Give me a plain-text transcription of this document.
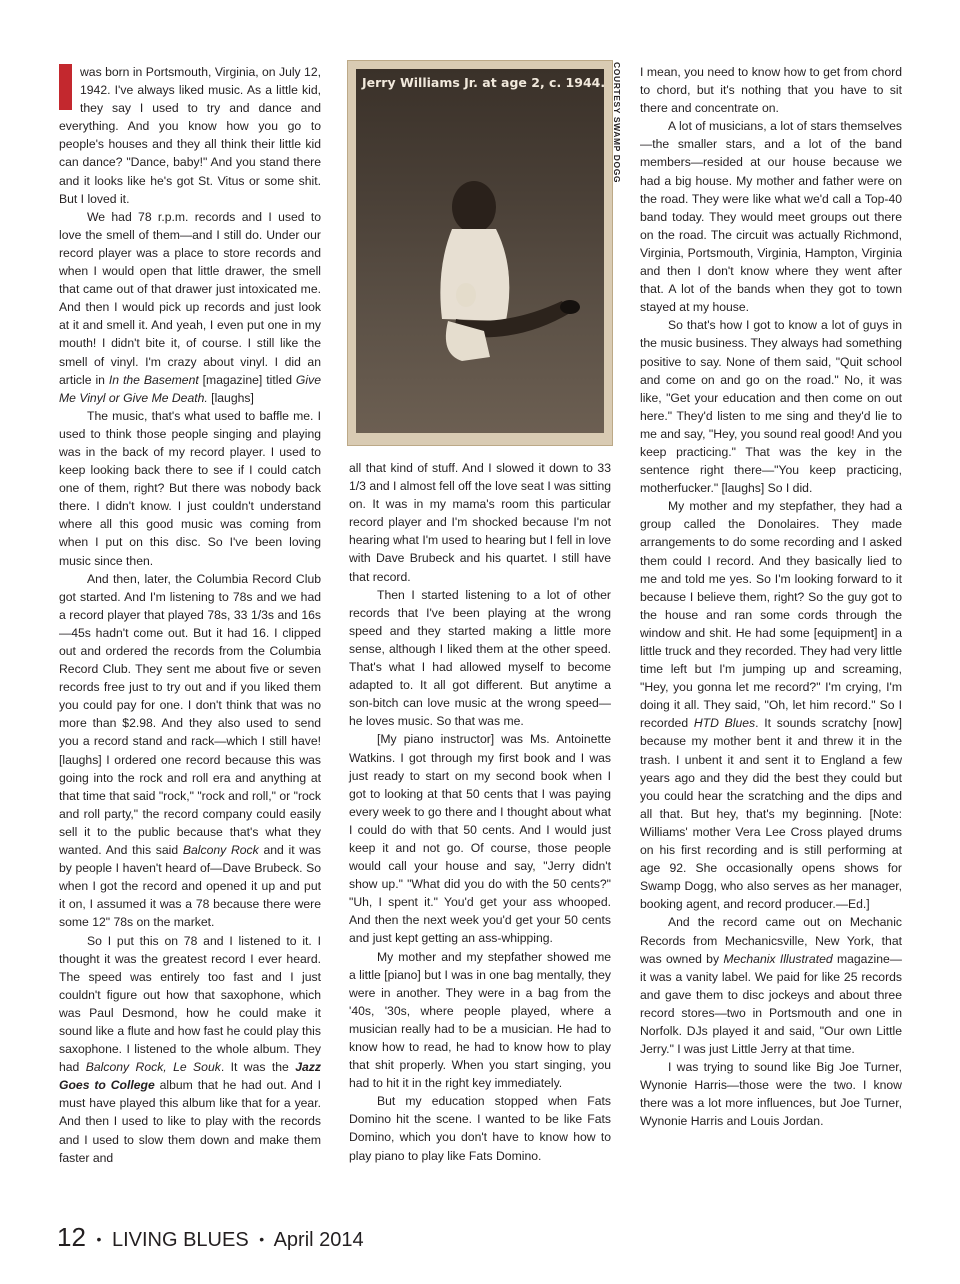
was born in Portsmouth, Virginia, on July 12, 1942. I've always liked music. As a little kid, they say I used to try and dance and everything. And you know how you go to people's houses and they all think their little kid can dance? "Dance, baby!" And you stand there and it looks like he's got St. Vitus or some shit. But I loved it.

We had 78 r.p.m. records and I used to love the smell of them—and I still do. Under our record player was a place to store records and when I would open that little drawer, the smell that came out of that drawer just intoxicated me. And then I would pick up records and just look at it and smell it. And yeah, I even put one in my mouth! I didn't bite it, of course. I still like the smell of vinyl. I'm crazy about vinyl. I did an article in In the Basement [magazine] titled Give Me Vinyl or Give Me Death. [laughs]

The music, that's what used to baffle me. I used to think those people singing and playing was in the back of my record player. I used to keep looking back there to see if I could catch one of them, right? But there was nobody back there. I didn't know. I just couldn't understand where all this good music was coming from when I put on this disc. So I've been loving music since then.

And then, later, the Columbia Record Club got started. And I'm listening to 78s and we had a record player that played 78s, 33 1/3s and 16s—45s hadn't come out. But it had 16. I clipped out and ordered the records from the Columbia Record Club. They sent me about five or seven records free just to try out and if you liked them you could pay for one. I don't think that was no more than $2.98. And they also used to send you a record stand and rack—which I still have! [laughs] I ordered one record because this was going into the rock and roll era and anything at that time that said "rock," "rock and roll," or "rock and roll party," the record company could easily sell it to the public because that's what they wanted. And this said Balcony Rock and it was by people I haven't heard of—Dave Brubeck. So when I got the record and opened it up and put it on, I assumed it was a 78 because there were some 12" 78s on the market.

So I put this on 78 and I listened to it. I thought it was the greatest record I ever heard. The speed was entirely too fast and I just couldn't figure out how that saxophone, which was Paul Desmond, how he could make it sound like a flute and how fast he could play this saxophone. I listened to the whole album. They had Balcony Rock, Le Souk. It was the Jazz Goes to College album that he had out. And I must have played this album like that for a year. And then I used to like to play with the records and I used to slow them down and make them faster and

Jerry Williams Jr. at age 2, c. 1944. COURTESY SWAMP DOGG

all that kind of stuff. And I slowed it down to 33 1/3 and I almost fell off the love seat I was sitting on. It was in my mama's room this particular record player and I'm shocked because I'm not hearing what I'm used to hearing but I fell in love with Dave Brubeck and his quartet. I still have that record.

Then I started listening to a lot of other records that I've been playing at the wrong speed and they started making a little more sense, although I liked them at the other speed. That's what I had allowed myself to become adapted to. It all got different. But anytime a son-bitch can love music at the wrong speed—he loves music. So that was me.

[My piano instructor] was Ms. Antoinette Watkins. I got through my first book and I was just ready to start on my second book when I got to looking at that 50 cents that I was paying every week to go there and I thought about what I could do with that 50 cents. And I would just keep it and not go. Of course, those people would call your house and say, "Jerry didn't show up." "What did you do with the 50 cents?" "Uh, I spent it." You'd get your ass whooped. And then the next week you'd get your 50 cents and just kept getting an ass-whipping.

My mother and my stepfather showed me a little [piano] but I was in one bag mentally, they were in another. They were in a bag from the '40s, '30s, where people played, where a musician really had to be a musician. He had to know how to read, he had to know how to play that shit properly. When you start singing, you had to hit it in the right key immediately.

But my education stopped when Fats Domino hit the scene. I wanted to be like Fats Domino, which you don't have to know how to play piano to play like Fats Domino.

I mean, you need to know how to get from chord to chord, but it's nothing that you have to sit there and concentrate on.

A lot of musicians, a lot of stars themselves—the smaller stars, and a lot of the band members—resided at our house because we had a big house. My mother and father were on the road. They were like what we'd call a Top-40 band today. They would meet groups out there on the road. The circuit was actually Richmond, Virginia, Portsmouth, Virginia, Hampton, Virginia and then I don't know where they went after that. A lot of the bands when they got to town stayed at my house.

So that's how I got to know a lot of guys in the music business. They always had something positive to say. None of them said, "Quit school and come on and go on the road." No, it was like, "Get your education and then come on out here." They'd listen to me sing and they'd lie to me and say, "Hey, you sound real good! And you keep practicing." That was the key in the sentence right there—"You keep practicing, motherfucker." [laughs] So I did.

My mother and my stepfather, they had a group called the Donolaires. They made arrangements to do some recording and I asked them could I record. And they basically lied to me and told me yes. So I'm looking forward to it because I believe them, right? So the guy got to the house and ran some cords through the window and shit. He had some [equipment] in a little truck and they recorded. They had very little time left but I'm jumping up and screaming, "Hey, you gonna let me record?" I'm crying, I'm doing it all. They said, "Oh, let him record." So I recorded HTD Blues. It sounds scratchy [now] because my mother bent it and threw it in the trash. I unbent it and sent it to England a few years ago and they did the best they could but you could hear the scratching and the dips and all that. But hey, that's my beginning. [Note: Williams' mother Vera Lee Cross played drums on his first recording and is still performing at age 92. She occasionally opens shows for Swamp Dogg, who also serves as her manager, booking agent, and record producer.—Ed.]

And the record came out on Mechanic Records from Mechanicsville, New York, that was owned by Mechanix Illustrated magazine—it was a vanity label. We paid for like 25 records and gave them to disc jockeys and about three record stores—two in Portsmouth and one in Norfolk. DJs played it and said, "Our own Little Jerry." I was just Little Jerry at that time.

I was trying to sound like Big Joe Turner, Wynonie Harris—those were the two. I know there was a lot more influences, but Joe Turner, Wynonie Harris and Louis Jordan.

12 • LIVING BLUES • April 2014
